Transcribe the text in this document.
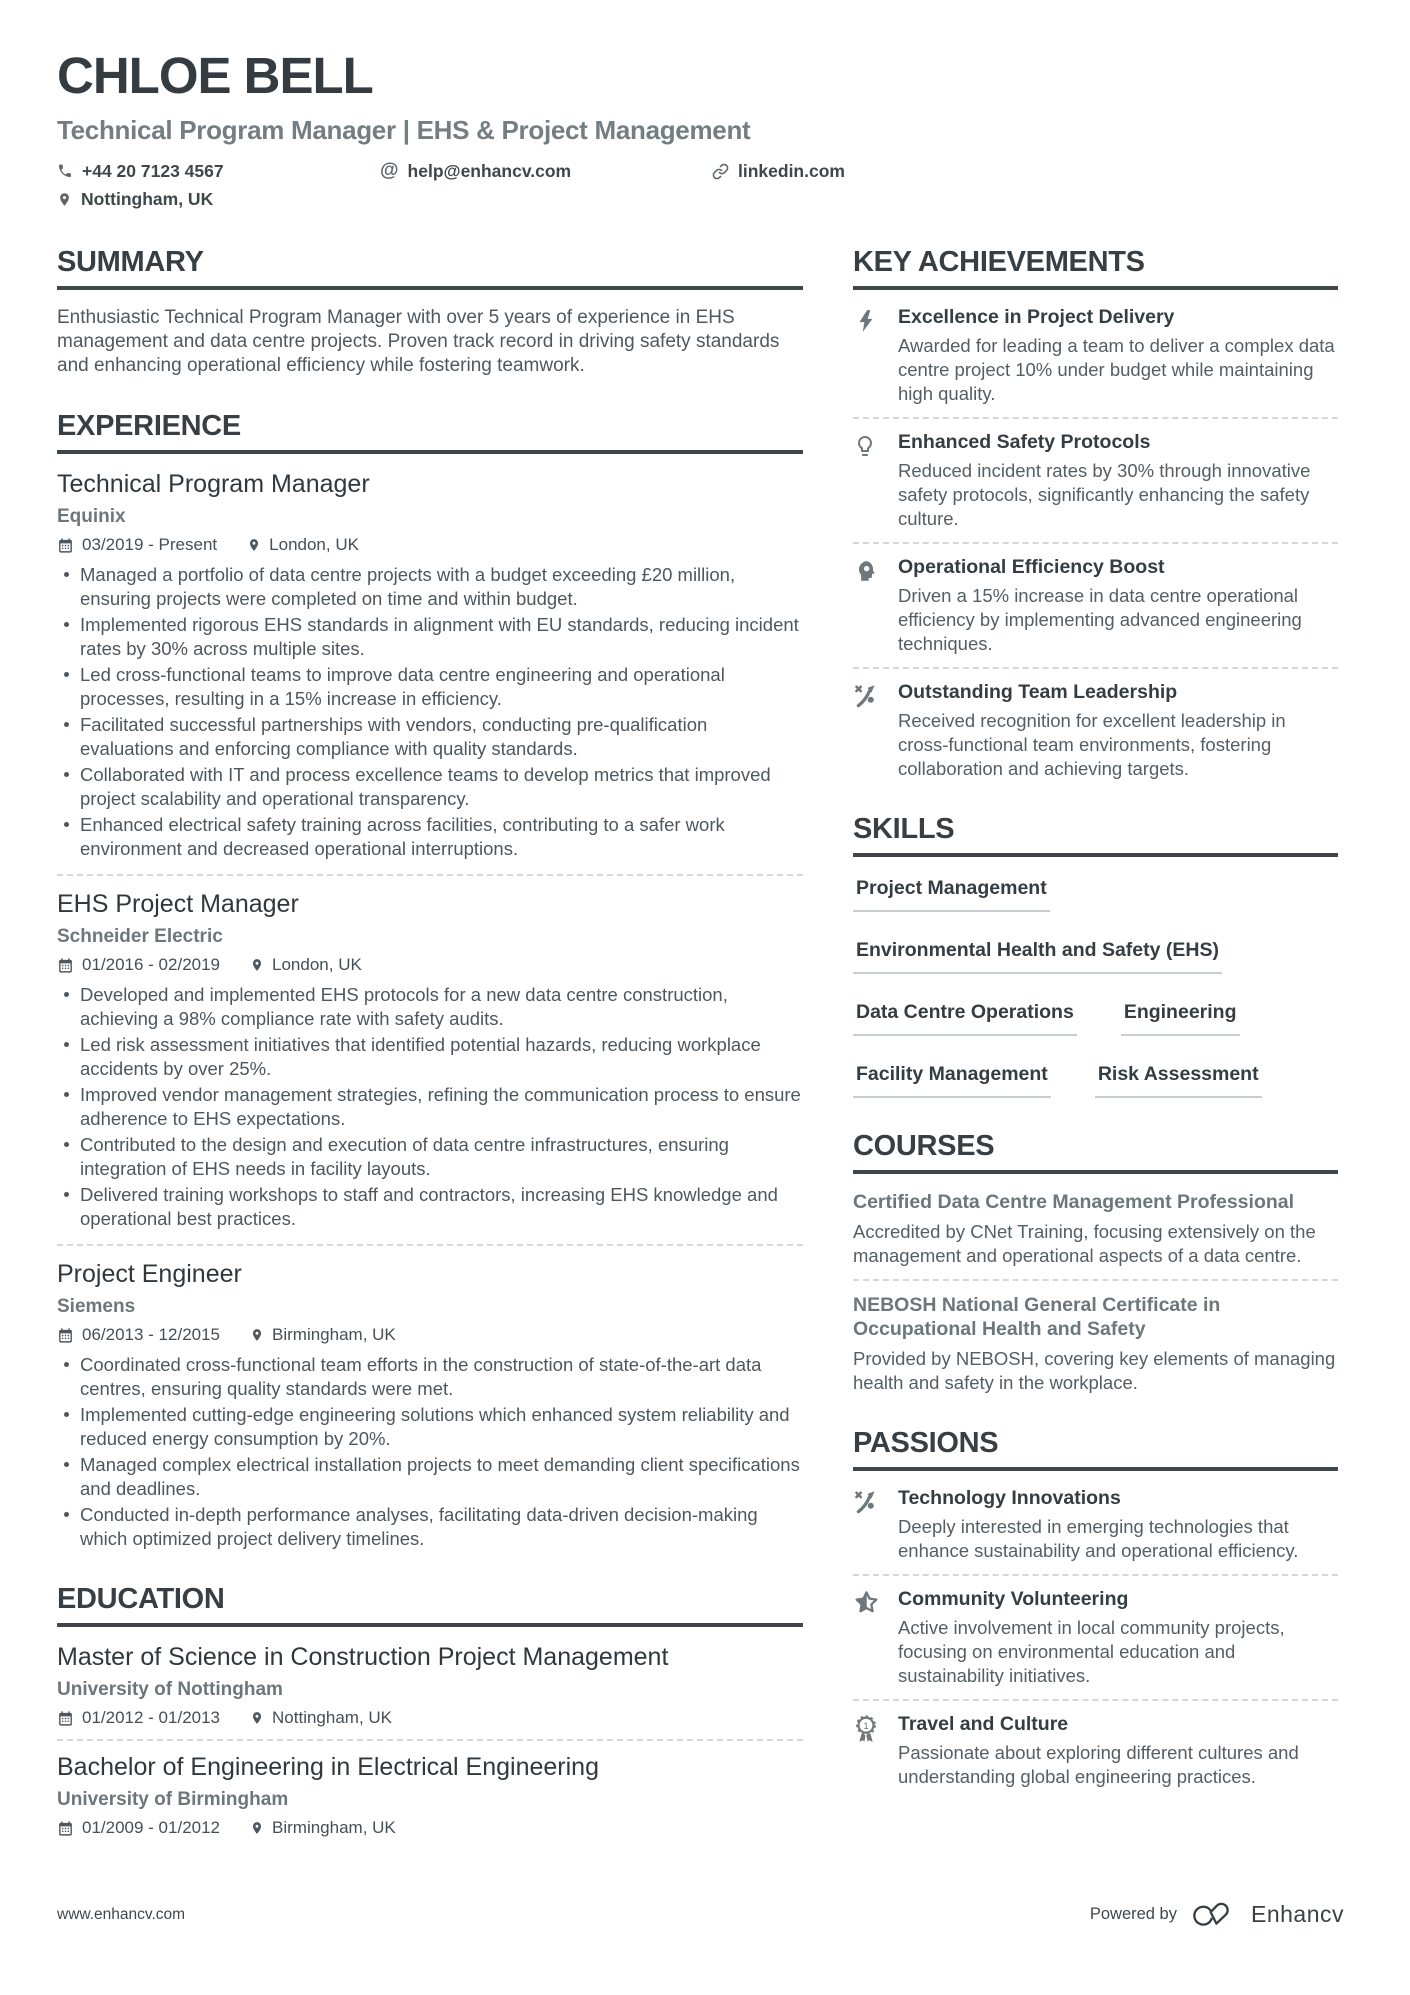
CHLOE BELL
Technical Program Manager | EHS & Project Management
+44 20 7123 4567	@ help@enhancv.com	linkedin.com
Nottingham, UK
SUMMARY

Enthusiastic Technical Program Manager with over 5 years of experience in EHS management and data centre projects. Proven track record in driving safety standards and enhancing operational efficiency while fostering teamwork.

EXPERIENCE
Technical Program Manager
Equinix
03/2019 - Present	London, UK
Managed a portfolio of data centre projects with a budget exceeding £20 million, ensuring projects were completed on time and within budget.
Implemented rigorous EHS standards in alignment with EU standards, reducing incident rates by 30% across multiple sites.
Led cross-functional teams to improve data centre engineering and operational processes, resulting in a 15% increase in efficiency.
Facilitated successful partnerships with vendors, conducting pre-qualification evaluations and enforcing compliance with quality standards.
Collaborated with IT and process excellence teams to develop metrics that improved project scalability and operational transparency.
Enhanced electrical safety training across facilities, contributing to a safer work environment and decreased operational interruptions.
EHS Project Manager
Schneider Electric
01/2016 - 02/2019	London, UK
Developed and implemented EHS protocols for a new data centre construction, achieving a 98% compliance rate with safety audits.
Led risk assessment initiatives that identified potential hazards, reducing workplace accidents by over 25%.
Improved vendor management strategies, refining the communication process to ensure adherence to EHS expectations.
Contributed to the design and execution of data centre infrastructures, ensuring integration of EHS needs in facility layouts.
Delivered training workshops to staff and contractors, increasing EHS knowledge and operational best practices.
Project Engineer
Siemens
06/2013 - 12/2015	Birmingham, UK
Coordinated cross-functional team efforts in the construction of state-of-the-art data centres, ensuring quality standards were met.
Implemented cutting-edge engineering solutions which enhanced system reliability and reduced energy consumption by 20%.
Managed complex electrical installation projects to meet demanding client specifications and deadlines.
Conducted in-depth performance analyses, facilitating data-driven decision-making which optimized project delivery timelines.
EDUCATION
Master of Science in Construction Project Management
University of Nottingham
01/2012 - 01/2013	Nottingham, UK
Bachelor of Engineering in Electrical Engineering
University of Birmingham
01/2009 - 01/2012	Birmingham, UK
KEY ACHIEVEMENTS
Excellence in Project Delivery
Awarded for leading a team to deliver a complex data centre project 10% under budget while maintaining high quality.
Enhanced Safety Protocols
Reduced incident rates by 30% through innovative safety protocols, significantly enhancing the safety culture.
Operational Efficiency Boost
Driven a 15% increase in data centre operational efficiency by implementing advanced engineering techniques.
Outstanding Team Leadership
Received recognition for excellent leadership in cross-functional team environments, fostering collaboration and achieving targets.
SKILLS
Project Management
Environmental Health and Safety (EHS)
Data Centre Operations	Engineering
Facility Management	Risk Assessment
COURSES
Certified Data Centre Management Professional
Accredited by CNet Training, focusing extensively on the management and operational aspects of a data centre.
NEBOSH National General Certificate in Occupational Health and Safety
Provided by NEBOSH, covering key elements of managing health and safety in the workplace.
PASSIONS
Technology Innovations
Deeply interested in emerging technologies that enhance sustainability and operational efficiency.
Community Volunteering
Active involvement in local community projects, focusing on environmental education and sustainability initiatives.
1 Travel and Culture
Passionate about exploring different cultures and understanding global engineering practices.
www.enhancv.com	Powered by	Enhancv
